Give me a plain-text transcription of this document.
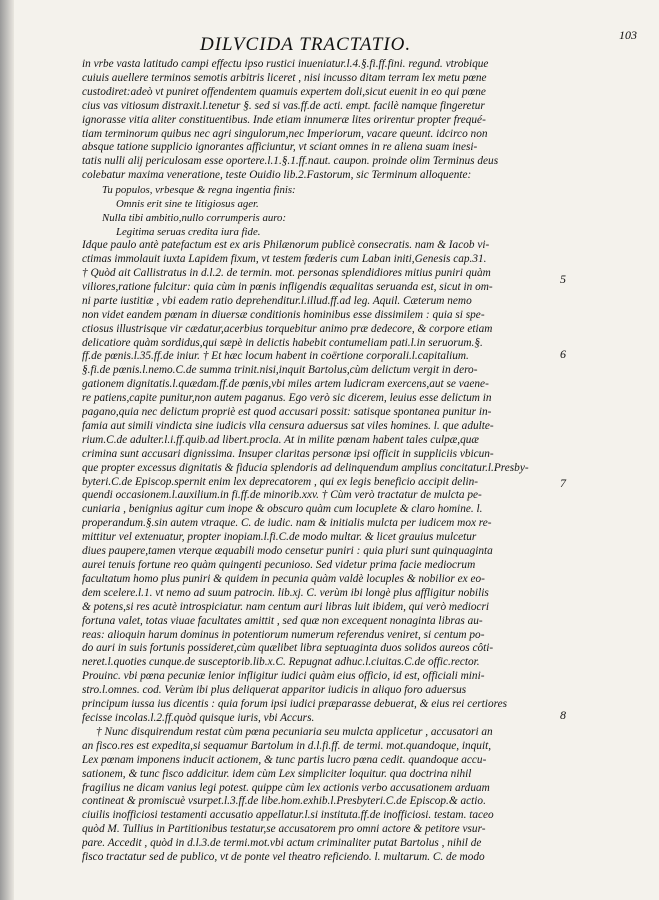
DILVCIDA TRACTATIO.	103
in vrbe vasta latitudo campi effectu ipso rustici inueniatur.l.4.§.fi.ff.fini. regund. vtrobique
cuiuis auellere terminos semotis arbitris liceret , nisi incusso ditam terram lex metu pœne
custodiret:adeò vt puniret offendentem quamuis expertem doli,sicut euenit in eo qui pœne
cius vas vitiosum distraxit.l.tenetur §. sed si vas.ff.de acti. empt. facilè namque fingeretur
ignorasse vitia aliter constituentibus. Inde etiam innumeræ lites orirentur propter frequé-
tiam terminorum quibus nec agri singulorum,nec Imperiorum, vacare queunt. idcirco non
absque tatione supplicio ignorantes afficiuntur, vt sciant omnes in re aliena suam inesi-
tatis nulli alij periculosam esse oportere.l.1.§.1.ff.naut. caupon. proinde olim Terminus deus
colebatur maxima veneratione, teste Ouidio lib.2.Fastorum, sic Terminum alloquente:
Tu populos, vrbesque & regna ingentia finis:
Omnis erit sine te litigiosus ager.
Nulla tibi ambitio,nullo corrumperis auro:
Legitima seruas credita iura fide.
Idque paulo antè patefactum est ex aris Philænorum publicè consecratis. nam & Iacob vi-
ctimas immolauit iuxta Lapidem fixum, vt testem fœderis cum Laban initi,Genesis cap.31.
† Quòd ait Callistratus in d.l.2. de termin. mot. personas splendidiores mitius puniri quàm
viliores,ratione fulcitur: quia cùm in pœnis infligendis æqualitas seruanda est, sicut in om-
ni parte iustitiæ , vbi eadem ratio deprehenditur.l.illud.ff.ad leg. Aquil. Cæterum nemo
non videt eandem pœnam in diuersæ conditionis hominibus esse dissimilem : quia si spe-
ctiosus illustrisque vir cædatur,acerbius torquebitur animo præ dedecore, & corpore etiam
delicatiore quàm sordidus,qui sæpè in delictis habebit contumeliam pati.l.in seruorum.§.
ff.de pœnis.l.35.ff.de iniur. † Et hæc locum habent in coërtione corporali.l.capitalium.
§.fi.de pœnis.l.nemo.C.de summa trinit.nisi,inquit Bartolus,cùm delictum vergit in dero-
gationem dignitatis.l.quædam.ff.de pœnis,vbi miles artem ludicram exercens,aut se vaene-
re patiens,capite punitur,non autem paganus. Ego verò sic dicerem, leuius esse delictum in
pagano,quia nec delictum propriè est quod accusari possit: satisque spontanea punitur in-
famia aut simili vindicta sine iudicis vlla censura aduersus sat viles homines. l. que adulte-
rium.C.de adulter.l.i.ff.quib.ad libert.procla. At in milite pœnam habent tales culpæ,quæ
crimina sunt accusari dignissima. Insuper claritas personæ ipsi officit in suppliciis vbicun-
que propter excessus dignitatis & fiducia splendoris ad delinquendum amplius concitatur.l.Presby-
byteri.C.de Episcop.spernit enim lex deprecatorem , qui ex legis beneficio accipit delin-
quendi occasionem.l.auxilium.in fi.ff.de minorib.xxv. † Cùm verò tractatur de mulcta pe-
cuniaria , benignius agitur cum inope & obscuro quàm cum locuplete & claro homine. l.
properandum.§.sin autem vtraque. C. de iudic. nam & initialis mulcta per iudicem mox re-
mittitur vel extenuatur, propter inopiam.l.fi.C.de modo multar. & licet grauius mulcetur
diues paupere,tamen vterque æquabili modo censetur puniri : quia pluri sunt quinquaginta
aurei tenuis fortune reo quàm quingenti pecunioso. Sed videtur prima facie mediocrum
facultatum homo plus puniri & quidem in pecunia quàm valdè locuples & nobilior ex eo-
dem scelere.l.1. vt nemo ad suum patrocin. lib.xj. C. verùm ibi longè plus affligitur nobilis
& potens,si res acutè introspiciatur. nam centum auri libras luit ibidem, qui verò mediocri
fortuna valet, totas viuae facultates amittit , sed quæ non excequent nonaginta libras au-
reas: alioquin harum dominus in potentiorum numerum referendus veniret, si centum po-
do auri in suis fortunis possideret,cùm quælibet libra septuaginta duos solidos aureos côti-
neret.l.quoties cunque.de susceptorib.lib.x.C. Repugnat adhuc.l.ciuitas.C.de offic.rector.
Prouinc. vbi pœna pecuniæ lenior infligitur iudici quàm eius officio, id est, officiali mini-
stro.l.omnes. cod. Verùm ibi plus deliquerat apparitor iudicis in aliquo foro aduersus
principum iussa ius dicentis : quia forum ipsi iudici præparasse debuerat, & eius rei certiores
fecisse incolas.l.2.ff.quòd quisque iuris, vbi Accurs.
† Nunc disquirendum restat cùm pœna pecuniaria seu mulcta applicetur , accusatori an
an fisco.res est expedita,si sequamur Bartolum in d.l.fi.ff. de termi. mot.quandoque, inquit,
Lex pœnam imponens inducit actionem, & tunc partis lucro pœna cedit. quandoque accu-
sationem, & tunc fisco addicitur. idem cùm Lex simpliciter loquitur. qua doctrina nihil
fragilius ne dicam vanius legi potest. quippe cùm lex actionis verbo accusationem arduam
contineat & promiscuè vsurpet.l.3.ff.de libe.hom.exhib.l.Presbyteri.C.de Episcop.& actio.
ciuilis inofficiosi testamenti accusatio appellatur.l.si instituta.ff.de inofficiosi. testam. taceo
quòd M. Tullius in Partitionibus testatur,se accusatorem pro omni actore & petitore vsur-
pare. Accedit , quòd in d.l.3.de termi.mot.vbi actum criminaliter putat Bartolus , nihil de
fisco tractatur sed de publico, vt de ponte vel theatro reficiendo. l. multarum. C. de modo
5
6
7
8
